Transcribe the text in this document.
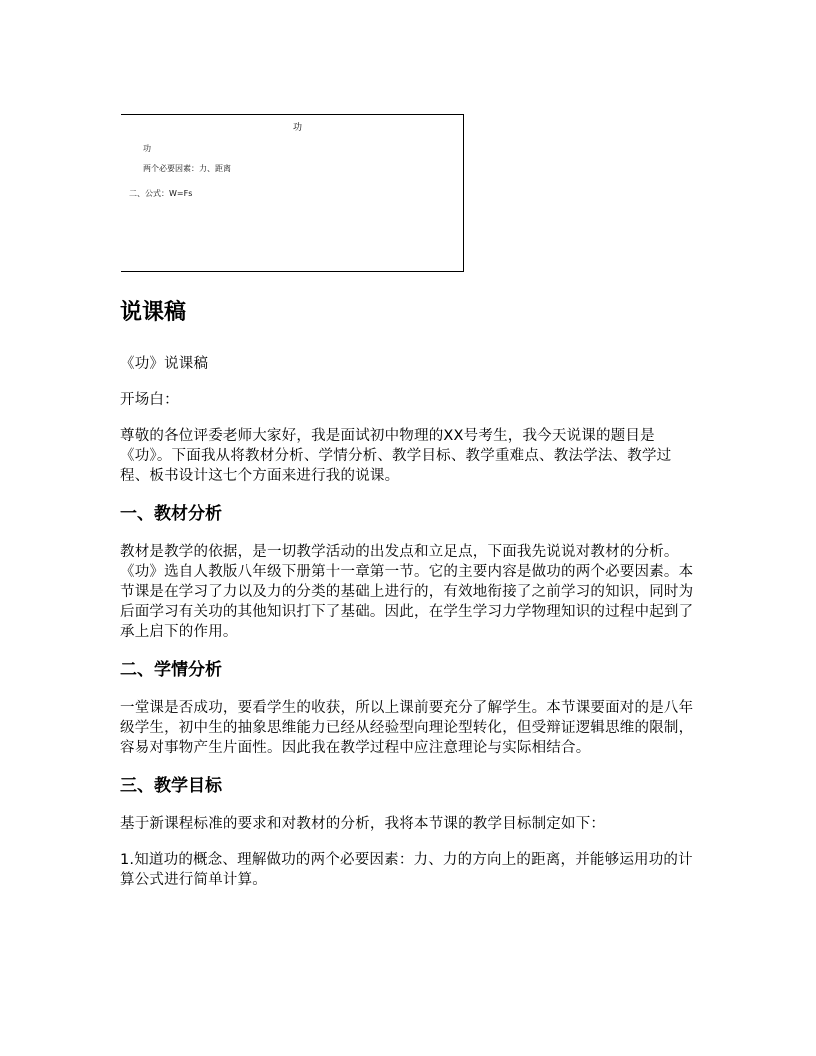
功
功
两个必要因素：力、距离
二、公式：W=Fs
说课稿

《功》说课稿

开场白：

尊敬的各位评委老师大家好，我是面试初中物理的XX号考生，我今天说课的题目是《功》。下面我从将教材分析、学情分析、教学目标、教学重难点、教法学法、教学过程、板书设计这七个方面来进行我的说课。

一、教材分析

教材是教学的依据，是一切教学活动的出发点和立足点，下面我先说说对教材的分析。《功》选自人教版八年级下册第十一章第一节。它的主要内容是做功的两个必要因素。本节课是在学习了力以及力的分类的基础上进行的，有效地衔接了之前学习的知识，同时为后面学习有关功的其他知识打下了基础。因此，在学生学习力学物理知识的过程中起到了承上启下的作用。

二、学情分析

一堂课是否成功，要看学生的收获，所以上课前要充分了解学生。本节课要面对的是八年级学生，初中生的抽象思维能力已经从经验型向理论型转化，但受辩证逻辑思维的限制，容易对事物产生片面性。因此我在教学过程中应注意理论与实际相结合。

三、教学目标

基于新课程标准的要求和对教材的分析，我将本节课的教学目标制定如下：

1.知道功的概念、理解做功的两个必要因素：力、力的方向上的距离，并能够运用功的计算公式进行简单计算。
